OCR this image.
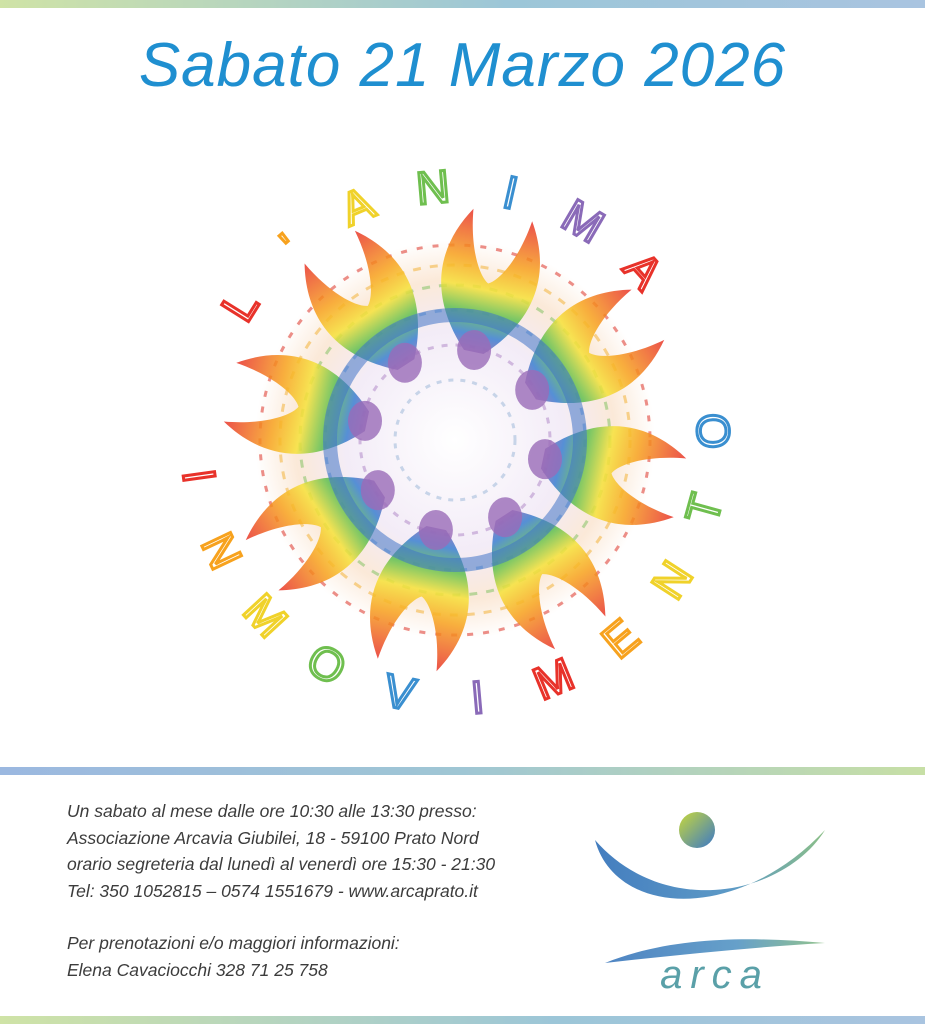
Sabato 21 Marzo 2026
L
'
A N I M
A
I
N
M
O V I M
E
N
T
O
Un sabato al mese dalle ore 10:30 alle 13:30 presso:
Associazione Arcavia Giubilei, 18 - 59100 Prato Nord
orario segreteria dal lunedì al venerdì ore 15:30 - 21:30
Tel: 350 1052815 – 0574 1551679 - www.arcaprato.it
Per prenotazioni e/o maggiori informazioni:
Elena Cavaciocchi 328 71 25 758	arca
